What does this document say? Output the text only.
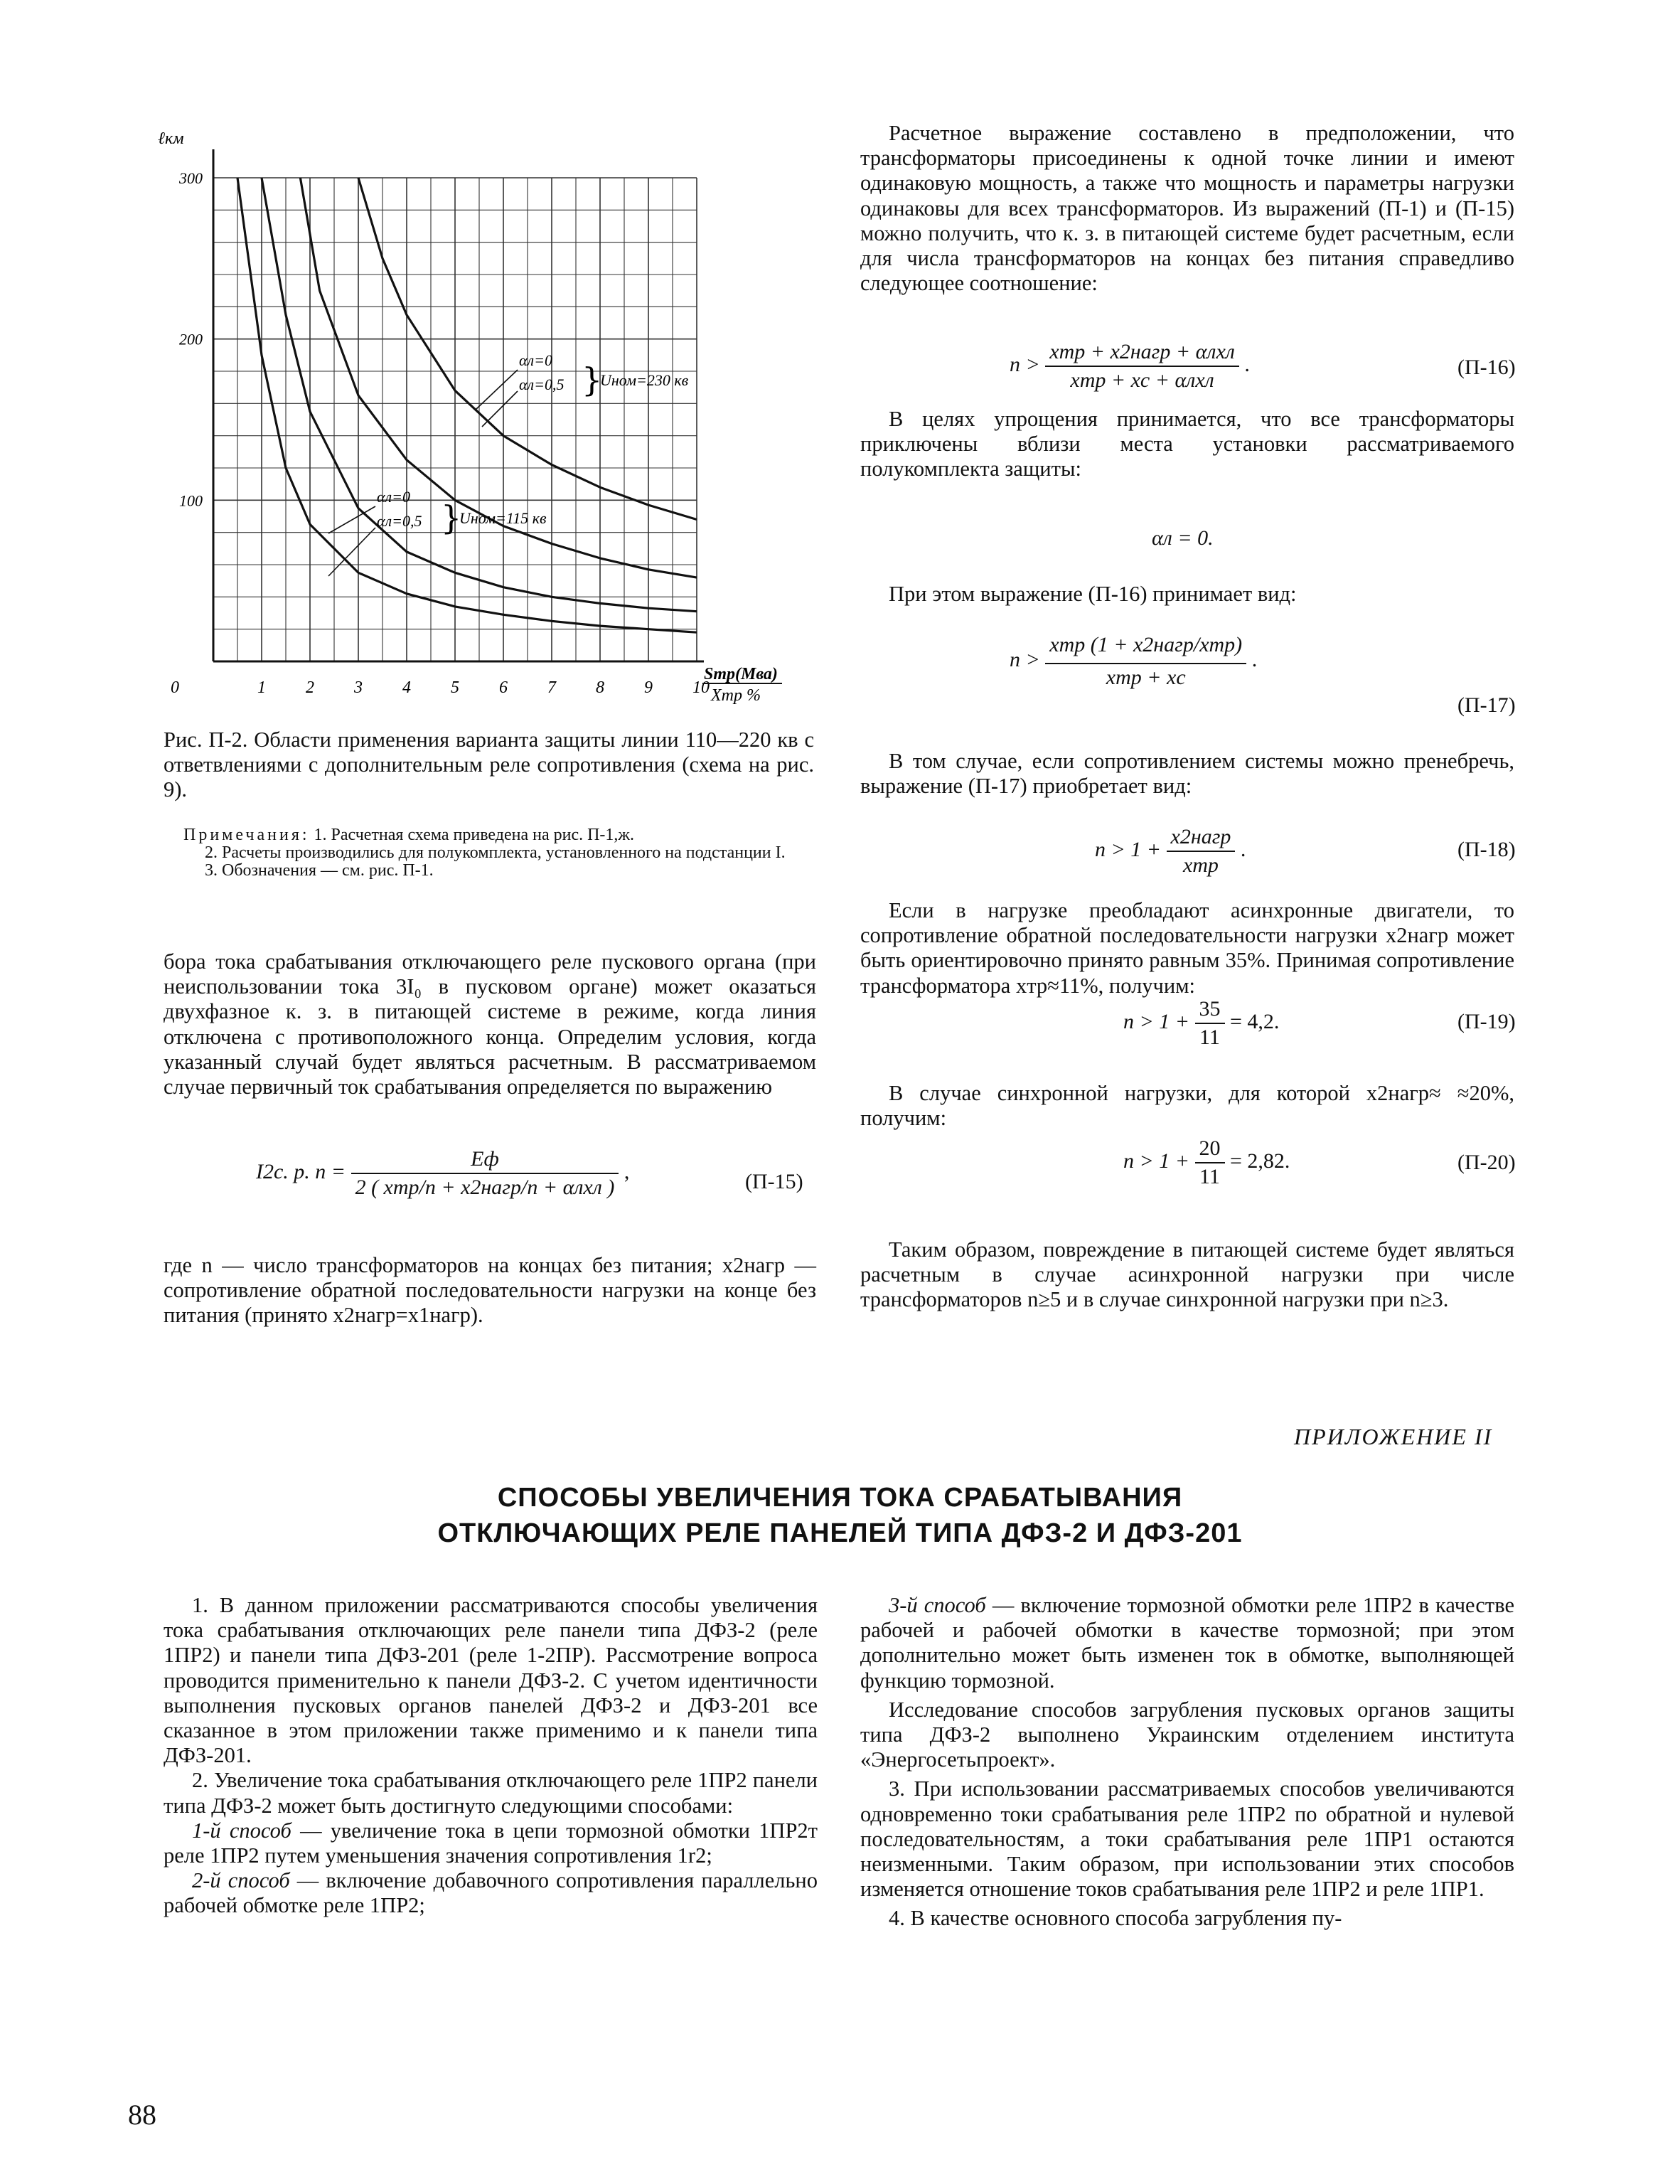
300
200
100
0	1 2 3 4 5 6 7 8 9 10
ℓкм
Sтр(Мва)
Xтр %
αл=0
αл=0,5 }
Uном=230 кв
αл=0
αл=0,5 }
Uном=115 кв
Рис. П-2. Области применения варианта защиты линии 110—220 кв с ответвлениями с дополнительным реле сопротивления (схема на рис. 9).

Примечания: 1. Расчетная схема приведена на рис. П-1,ж.

2. Расчеты производились для полукомплекта, установленного на подстанции I.

3. Обозначения — см. рис. П-1.

бора тока срабатывания отключающего реле пускового органа (при неиспользовании тока 3I₀ в пусковом органе) может оказаться двухфазное к. з. в питающей системе в режиме, когда линия отключена с противоположного конца. Определим условия, когда указанный случай будет являться расчетным. В рассматриваемом случае первичный ток срабатывания определяется по выражению

I2с. р. $п = \frac{Eф}{\text{2 ( xтр/n + x2нагр/n + αлxл )}}$ ,	(П-15)

где n — число трансформаторов на концах без питания; x2нагр — сопротивление обратной последовательности нагрузки на конце без питания (принято x2нагр=x1нагр).

Расчетное выражение составлено в предположении, что трансформаторы присоединены к одной точке линии и имеют одинаковую мощность, а также что мощность и параметры нагрузки одинаковы для всех трансформаторов. Из выражений (П-1) и (П-15) можно получить, что к. з. в питающей системе будет расчетным, если для числа трансформаторов на концах без питания справедливо следующее соотношение:

$n > \frac{\text{xтр + x2нагр + αлxл}}{\text{xтр + xс + αлxл}}$ .	(П-16)

В целях упрощения принимается, что все трансформаторы приключены вблизи места установки рассматриваемого полукомплекта защиты:

αл = 0.

При этом выражение (П-16) принимает вид:

$n > \frac{\text{xтр (1 + x2нагр/xтр)}}{\text{xтр + xс}}$ .
(П-17)

В том случае, если сопротивлением системы можно пренебречь, выражение (П-17) приобретает вид:

$n > 1 + \frac{\text{x2нагр}}{\text{xтр}}$ .	(П-18)

Если в нагрузке преобладают асинхронные двигатели, то сопротивление обратной последовательности нагрузки x2нагр может быть ориентировочно принято равным 35%. Принимая сопротивление трансформатора xтр≈11%, получим:

$n > 1 + \frac{35}{11} = 4,2$.	(П-19)

В случае синхронной нагрузки, для которой x2нагр≈ ≈20%, получим:

$n > 1 + \frac{20}{11} = 2,82$.	(П-20)

Таким образом, повреждение в питающей системе будет являться расчетным в случае асинхронной нагрузки при числе трансформаторов n≥5 и в случае синхронной нагрузки при n≥3.

ПРИЛОЖЕНИЕ II
СПОСОБЫ УВЕЛИЧЕНИЯ ТОКА СРАБАТЫВАНИЯ
ОТКЛЮЧАЮЩИХ РЕЛЕ ПАНЕЛЕЙ ТИПА ДФЗ-2 И ДФЗ-201

1. В данном приложении рассматриваются способы увеличения тока срабатывания отключающих реле панели типа ДФЗ-2 (реле 1ПР2) и панели типа ДФЗ-201 (реле 1-2ПР). Рассмотрение вопроса проводится применительно к панели ДФЗ-2. С учетом идентичности выполнения пусковых органов панелей ДФЗ-2 и ДФЗ-201 все сказанное в этом приложении также применимо и к панели типа ДФЗ-201.

2. Увеличение тока срабатывания отключающего реле 1ПР2 панели типа ДФЗ-2 может быть достигнуто следующими способами:

1-й способ — увеличение тока в цепи тормозной обмотки 1ПР2т реле 1ПР2 путем уменьшения значения сопротивления 1r2;

2-й способ — включение добавочного сопротивления параллельно рабочей обмотке реле 1ПР2;

3-й способ — включение тормозной обмотки реле 1ПР2 в качестве рабочей и рабочей обмотки в качестве тормозной; при этом дополнительно может быть изменен ток в обмотке, выполняющей функцию тормозной.

Исследование способов загрубления пусковых органов защиты типа ДФЗ-2 выполнено Украинским отделением института «Энергосетьпроект».

3. При использовании рассматриваемых способов увеличиваются одновременно токи срабатывания реле 1ПР2 по обратной и нулевой последовательностям, а токи срабатывания реле 1ПР1 остаются неизменными. Таким образом, при использовании этих способов изменяется отношение токов срабатывания реле 1ПР2 и реле 1ПР1.

4. В качестве основного способа загрубления пу-

88
